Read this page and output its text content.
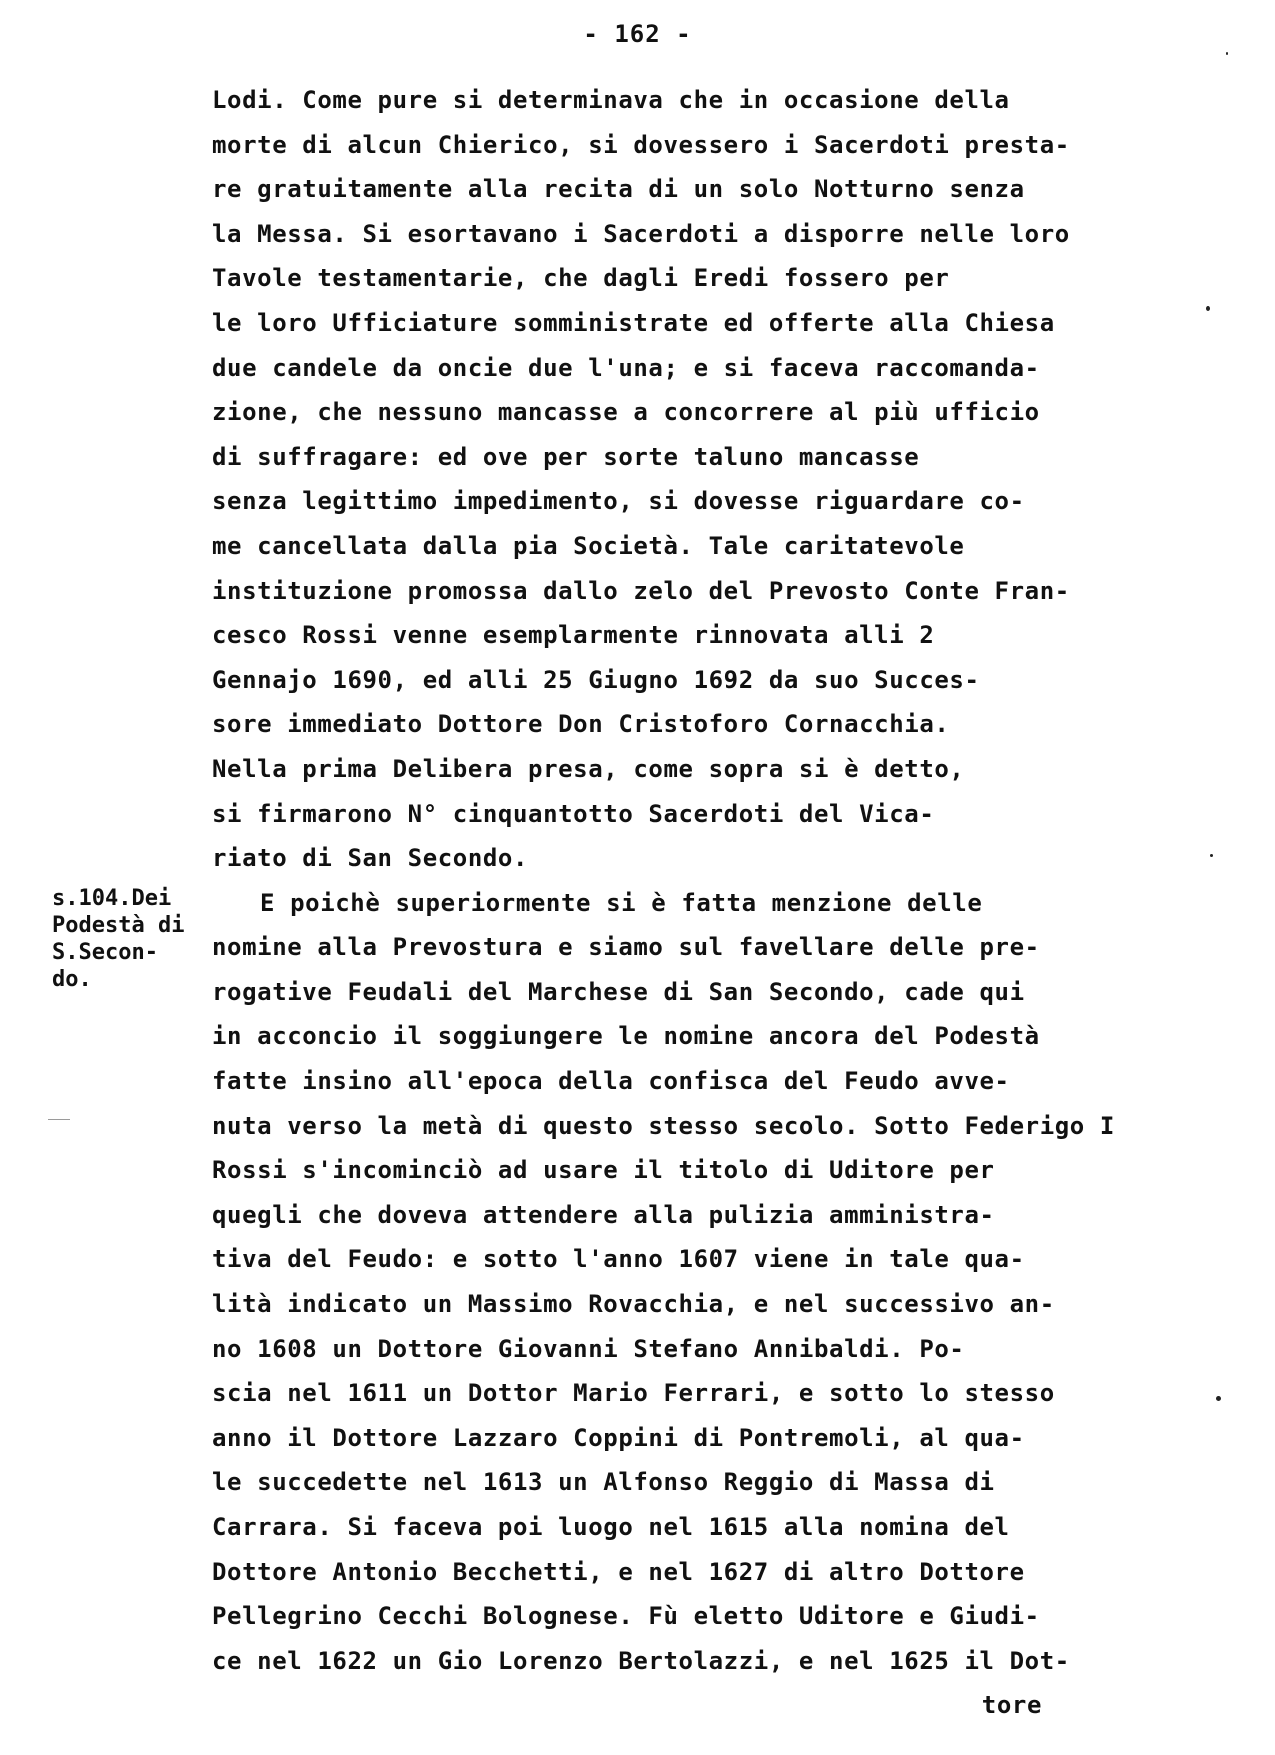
- 162 -
s.104.Dei
Podestà di
S.Secon-
do.
Lodi. Come pure si determinava che in occasione della
morte di alcun Chierico, si dovessero i Sacerdoti presta-
re gratuitamente alla recita di un solo Notturno senza
la Messa. Si esortavano i Sacerdoti a disporre nelle loro
Tavole testamentarie, che dagli Eredi fossero per
le loro Ufficiature somministrate ed offerte alla Chiesa
due candele da oncie due l'una; e si faceva raccomanda-
zione, che nessuno mancasse a concorrere al più ufficio
di suffragare: ed ove per sorte taluno mancasse
senza legittimo impedimento, si dovesse riguardare co-
me cancellata dalla pia Società. Tale caritatevole
instituzione promossa dallo zelo del Prevosto Conte Fran-
cesco Rossi venne esemplarmente rinnovata alli 2
Gennajo 1690, ed alli 25 Giugno 1692 da suo Succes-
sore immediato Dottore Don Cristoforo Cornacchia.
Nella prima Delibera presa, come sopra si è detto,
si firmarono N° cinquantotto Sacerdoti del Vica-
riato di San Secondo.
E poichè superiormente si è fatta menzione delle
nomine alla Prevostura e siamo sul favellare delle pre-
rogative Feudali del Marchese di San Secondo, cade qui
in acconcio il soggiungere le nomine ancora del Podestà
fatte insino all'epoca della confisca del Feudo avve-
nuta verso la metà di questo stesso secolo. Sotto Federigo I
Rossi s'incominciò ad usare il titolo di Uditore per
quegli che doveva attendere alla pulizia amministra-
tiva del Feudo: e sotto l'anno 1607 viene in tale qua-
lità indicato un Massimo Rovacchia, e nel successivo an-
no 1608 un Dottore Giovanni Stefano Annibaldi. Po-
scia nel 1611 un Dottor Mario Ferrari, e sotto lo stesso
anno il Dottore Lazzaro Coppini di Pontremoli, al qua-
le succedette nel 1613 un Alfonso Reggio di Massa di
Carrara. Si faceva poi luogo nel 1615 alla nomina del
Dottore Antonio Becchetti, e nel 1627 di altro Dottore
Pellegrino Cecchi Bolognese. Fù eletto Uditore e Giudi-
ce nel 1622 un Gio Lorenzo Bertolazzi, e nel 1625 il Dot-
tore
